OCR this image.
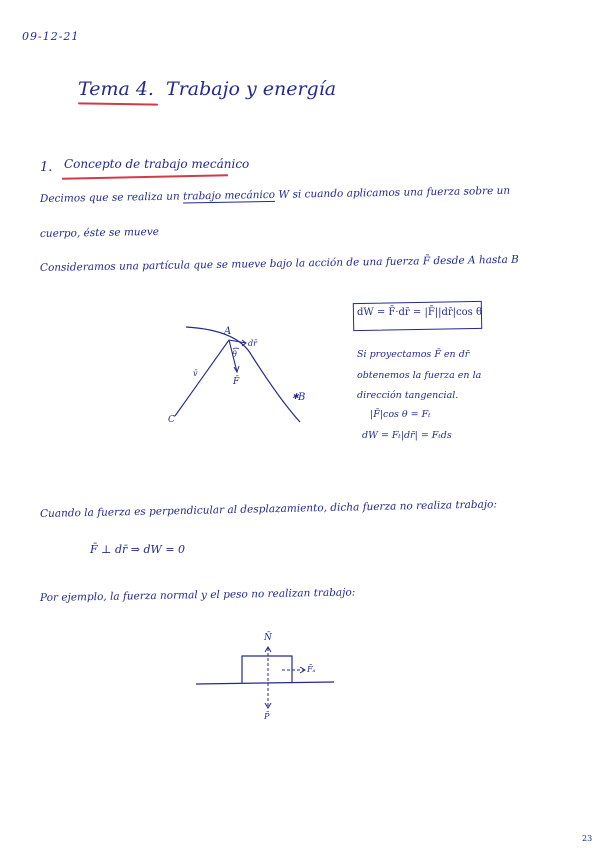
09-12-21
Tema 4. Trabajo y energía
1. Concepto de trabajo mecánico
Decimos que se realiza un trabajo mecánico W si cuando aplicamos una fuerza sobre un
cuerpo, éste se mueve
Consideramos una partícula que se mueve bajo la acción de una fuerza F̄ desde A hasta B
dW = F̄·dr̄ = |F̄||dr̄|cos θ
Si proyectamos F̄ en dr̄
obtenemos la fuerza en la
dirección tangencial.
|F̄|cos θ = Fₜ
dW = Fₜ|dr̄| = Fₜds
A
B
✱
C
dr̄
θ
F̄
v̄
Cuando la fuerza es perpendicular al desplazamiento, dicha fuerza no realiza trabajo:
F̄ ⊥ dr̄ ⇒ dW = 0
Por ejemplo, la fuerza normal y el peso no realizan trabajo:
N̄
F̄ₐ
P̄
23
